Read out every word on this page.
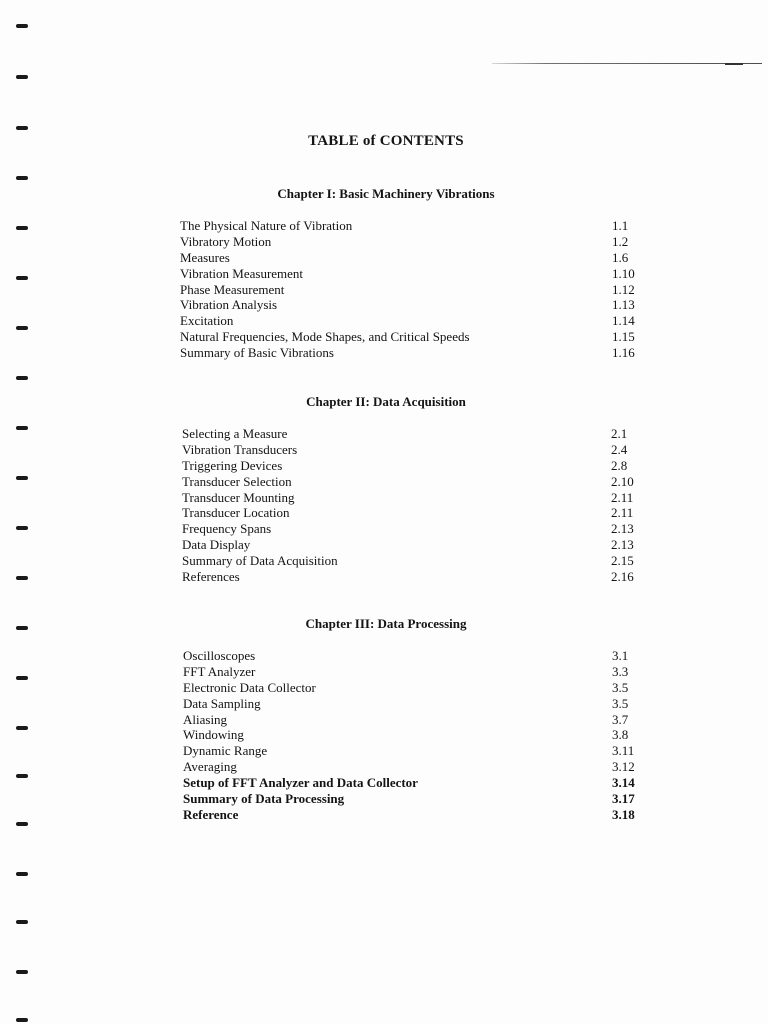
TABLE of CONTENTS
Chapter I: Basic Machinery Vibrations
The Physical Nature of Vibration	1.1
Vibratory Motion	1.2
Measures	1.6
Vibration Measurement	1.10
Phase Measurement	1.12
Vibration Analysis	1.13
Excitation	1.14
Natural Frequencies, Mode Shapes, and Critical Speeds	1.15
Summary of Basic Vibrations	1.16
Chapter II: Data Acquisition
Selecting a Measure	2.1
Vibration Transducers	2.4
Triggering Devices	2.8
Transducer Selection	2.10
Transducer Mounting	2.11
Transducer Location	2.11
Frequency Spans	2.13
Data Display	2.13
Summary of Data Acquisition	2.15
References	2.16
Chapter III: Data Processing
Oscilloscopes	3.1
FFT Analyzer	3.3
Electronic Data Collector	3.5
Data Sampling	3.5
Aliasing	3.7
Windowing	3.8
Dynamic Range	3.11
Averaging	3.12
Setup of FFT Analyzer and Data Collector	3.14
Summary of Data Processing	3.17
Reference	3.18
